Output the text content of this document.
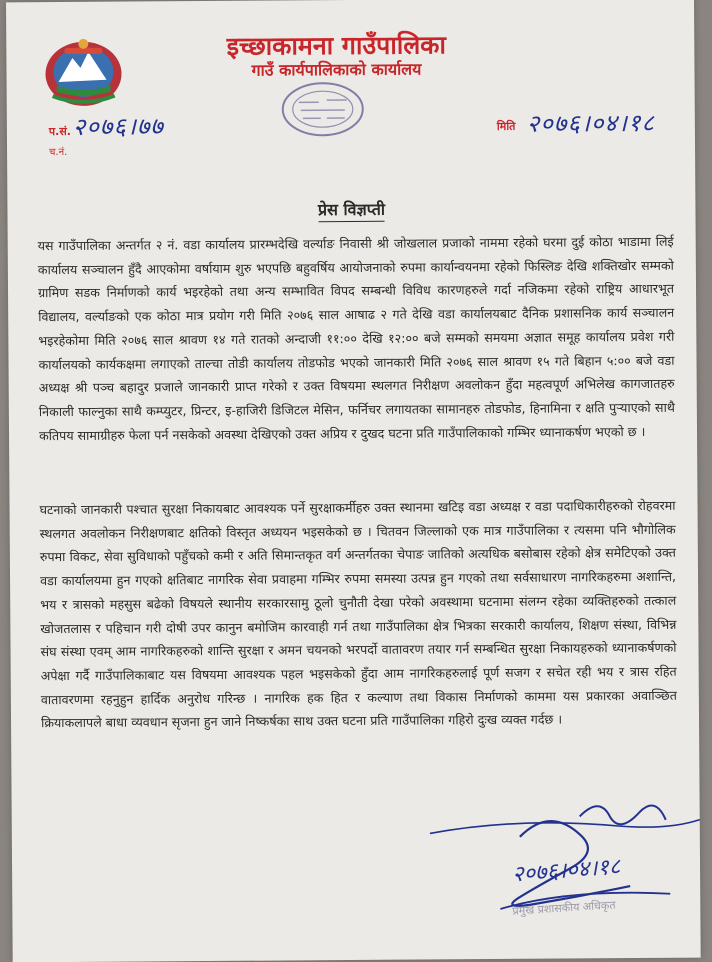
इच्छाकामना गाउँपालिका
गाउँ कार्यपालिकाको कार्यालय
प.सं. २०७६।७७
च.नं.
मिति २०७६।०४।१८
प्रेस विज्ञप्ती

यस गाउँपालिका अन्तर्गत २ नं. वडा कार्यालय प्रारम्भदेखि वर्ल्याङ निवासी श्री जोखलाल प्रजाको नाममा रहेको घरमा दुई कोठा भाडामा लिई कार्यालय सञ्चालन हुँदै आएकोमा वर्षायाम शुरु भएपछि बहुवर्षिय आयोजनाको रुपमा कार्यान्वयनमा रहेको फिस्लिङ देखि शक्तिखोर सम्मको ग्रामिण सडक निर्माणको कार्य भइरहेको तथा अन्य सम्भावित विपद सम्बन्धी विविध कारणहरुले गर्दा नजिकमा रहेको राष्ट्रिय आधारभूत विद्यालय, वर्ल्याङको एक कोठा मात्र प्रयोग गरी मिति २०७६ साल आषाढ २ गते देखि वडा कार्यालयबाट दैनिक प्रशासनिक कार्य सञ्चालन भइरहेकोमा मिति २०७६ साल श्रावण १४ गते रातको अन्दाजी ११:०० देखि १२:०० बजे सम्मको समयमा अज्ञात समूह कार्यालय प्रवेश गरी कार्यालयको कार्यकक्षमा लगाएको ताल्चा तोडी कार्यालय तोडफोड भएको जानकारी मिति २०७६ साल श्रावण १५ गते बिहान ५:०० बजे वडा अध्यक्ष श्री पञ्च बहादुर प्रजाले जानकारी प्राप्त गरेको र उक्त विषयमा स्थलगत निरीक्षण अवलोकन हुँदा महत्वपूर्ण अभिलेख कागजातहरु निकाली फाल्नुका साथै कम्प्युटर, प्रिन्टर, इ-हाजिरी डिजिटल मेसिन, फर्निचर लगायतका सामानहरु तोडफोड, हिनामिना र क्षति पुर्‍याएको साथै कतिपय सामाग्रीहरु फेला पर्न नसकेको अवस्था देखिएको उक्त अप्रिय र दुखद घटना प्रति गाउँपालिकाको गम्भिर ध्यानाकर्षण भएको छ ।

घटनाको जानकारी पश्चात सुरक्षा निकायबाट आवश्यक पर्ने सुरक्षाकर्मीहरु उक्त स्थानमा खटिइ वडा अध्यक्ष र वडा पदाधिकारीहरुको रोहवरमा स्थलगत अवलोकन निरीक्षणबाट क्षतिको विस्तृत अध्ययन भइसकेको छ । चितवन जिल्लाको एक मात्र गाउँपालिका र त्यसमा पनि भौगोलिक रुपमा विकट, सेवा सुविधाको पहुँचको कमी र अति सिमान्तकृत वर्ग अन्तर्गतका चेपाङ जातिको अत्यधिक बसोबास रहेको क्षेत्र समेटिएको उक्त वडा कार्यालयमा हुन गएको क्षतिबाट नागरिक सेवा प्रवाहमा गम्भिर रुपमा समस्या उत्पन्न हुन गएको तथा सर्वसाधारण नागरिकहरुमा अशान्ति, भय र त्रासको महसुस बढेको विषयले स्थानीय सरकारसामु ठूलो चुनौती देखा परेको अवस्थामा घटनामा संलग्न रहेका व्यक्तिहरुको तत्काल खोजतलास र पहिचान गरी दोषी उपर कानुन बमोजिम कारवाही गर्न तथा गाउँपालिका क्षेत्र भित्रका सरकारी कार्यालय, शिक्षण संस्था, विभिन्न संघ संस्था एवम् आम नागरिकहरुको शान्ति सुरक्षा र अमन चयनको भरपर्दो वातावरण तयार गर्न सम्बन्धित सुरक्षा निकायहरुको ध्यानाकर्षणको अपेक्षा गर्दै गाउँपालिकाबाट यस विषयमा आवश्यक पहल भइसकेको हुँदा आम नागरिकहरुलाई पूर्ण सजग र सचेत रही भय र त्रास रहित वातावरणमा रहनुहुन हार्दिक अनुरोध गरिन्छ । नागरिक हक हित र कल्याण तथा विकास निर्माणको काममा यस प्रकारका अवाञ्छित क्रियाकलापले बाधा व्यवधान सृजना हुन जाने निष्कर्षका साथ उक्त घटना प्रति गाउँपालिका गहिरो दुःख व्यक्त गर्दछ ।

२०७६।०४।१८
प्रमुख प्रशासकीय अधिकृत
